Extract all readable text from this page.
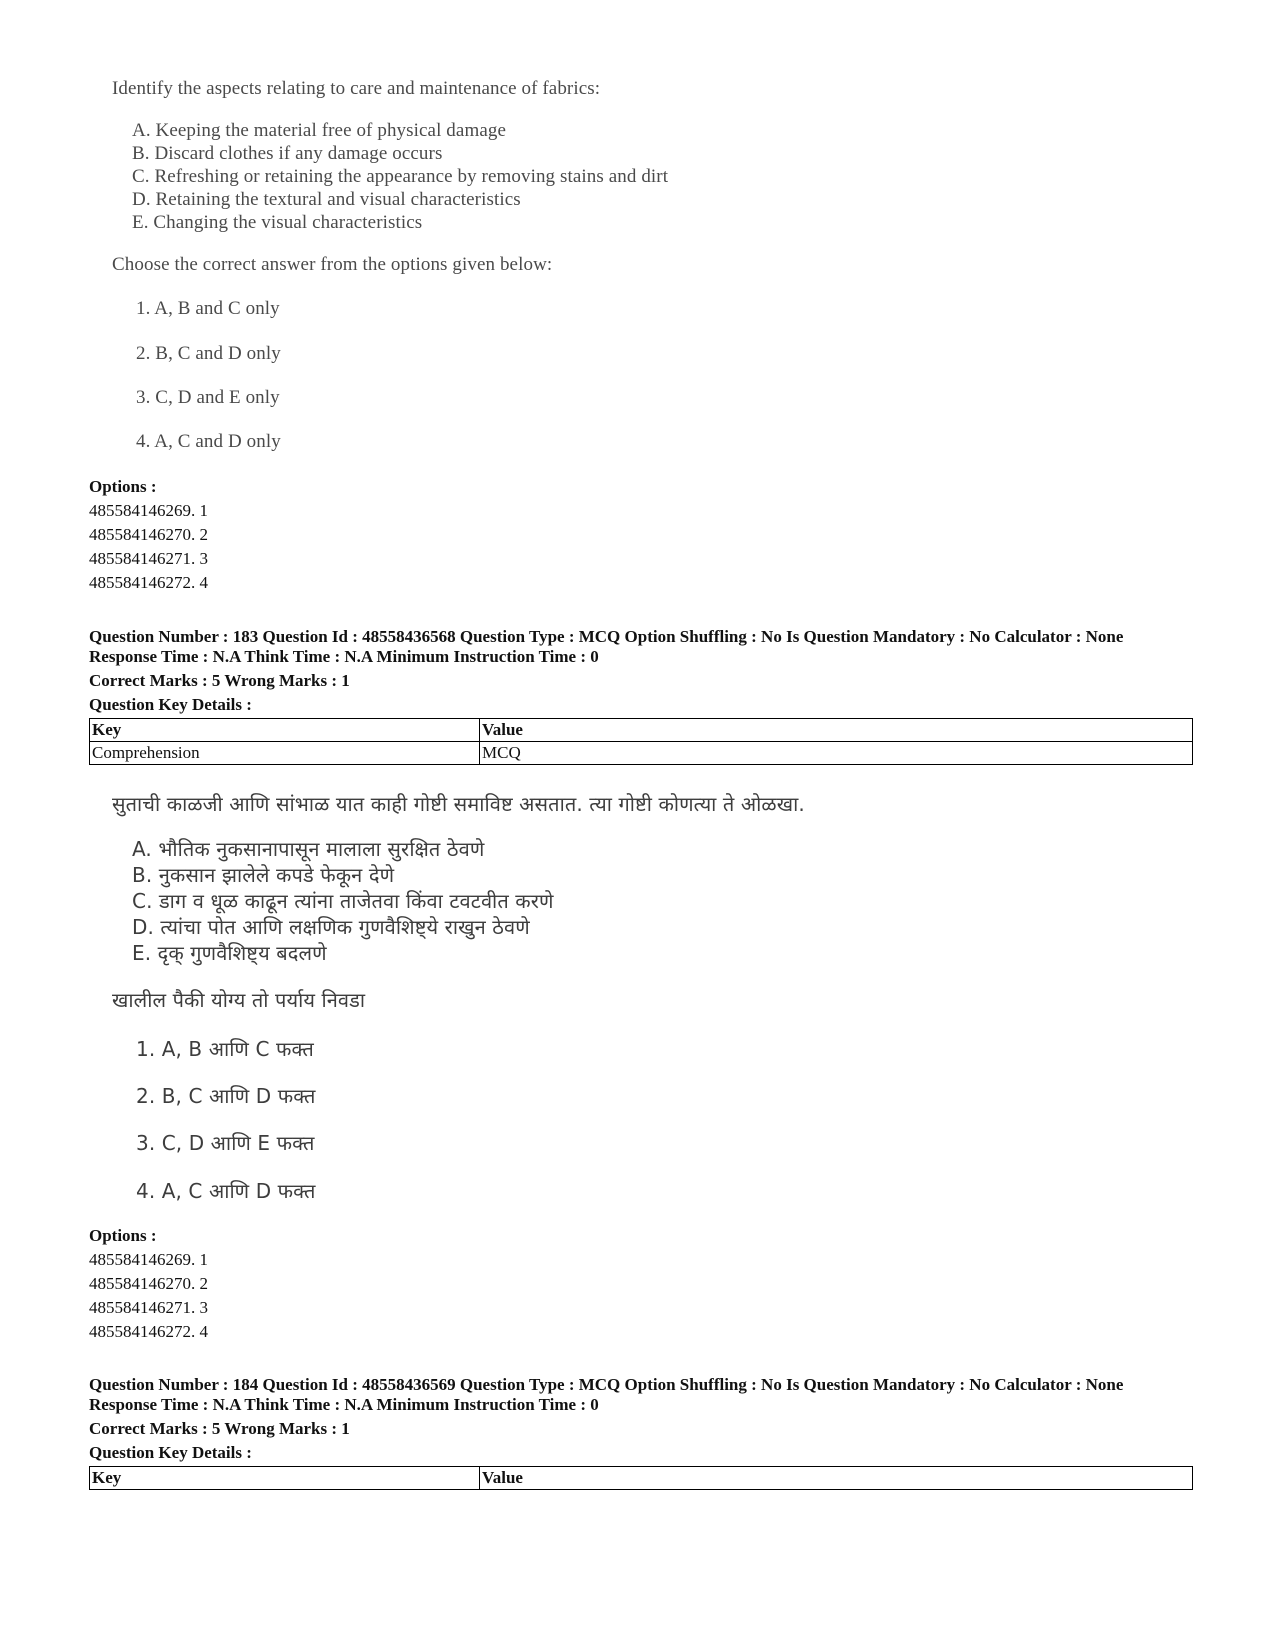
Identify the aspects relating to care and maintenance of fabrics:
A. Keeping the material free of physical damage
B. Discard clothes if any damage occurs
C. Refreshing or retaining the appearance by removing stains and dirt
D. Retaining the textural and visual characteristics
E. Changing the visual characteristics
Choose the correct answer from the options given below:
1. A, B and C only
2. B, C and D only
3. C, D and E only
4. A, C and D only
Options :
485584146269. 1
485584146270. 2
485584146271. 3
485584146272. 4
Question Number : 183 Question Id : 48558436568 Question Type : MCQ Option Shuffling : No Is Question Mandatory : No Calculator : None Response Time : N.A Think Time : N.A Minimum Instruction Time : 0
Correct Marks : 5 Wrong Marks : 1
Question Key Details :
Key	Value
Comprehension	MCQ
सुताची काळजी आणि सांभाळ यात काही गोष्टी समाविष्ट असतात. त्या गोष्टी कोणत्या ते ओळखा.
A. भौतिक नुकसानापासून मालाला सुरक्षित ठेवणे
B. नुकसान झालेले कपडे फेकून देणे
C. डाग व धूळ काढून त्यांना ताजेतवा किंवा टवटवीत करणे
D. त्यांचा पोत आणि लक्षणिक गुणवैशिष्ट्ये राखुन ठेवणे
E. दृक् गुणवैशिष्ट्य बदलणे
खालील पैकी योग्य तो पर्याय निवडा
1. A, B आणि C फक्त
2. B, C आणि D फक्त
3. C, D आणि E फक्त
4. A, C आणि D फक्त
Options :
485584146269. 1
485584146270. 2
485584146271. 3
485584146272. 4
Question Number : 184 Question Id : 48558436569 Question Type : MCQ Option Shuffling : No Is Question Mandatory : No Calculator : None Response Time : N.A Think Time : N.A Minimum Instruction Time : 0
Correct Marks : 5 Wrong Marks : 1
Question Key Details :
Key	Value
